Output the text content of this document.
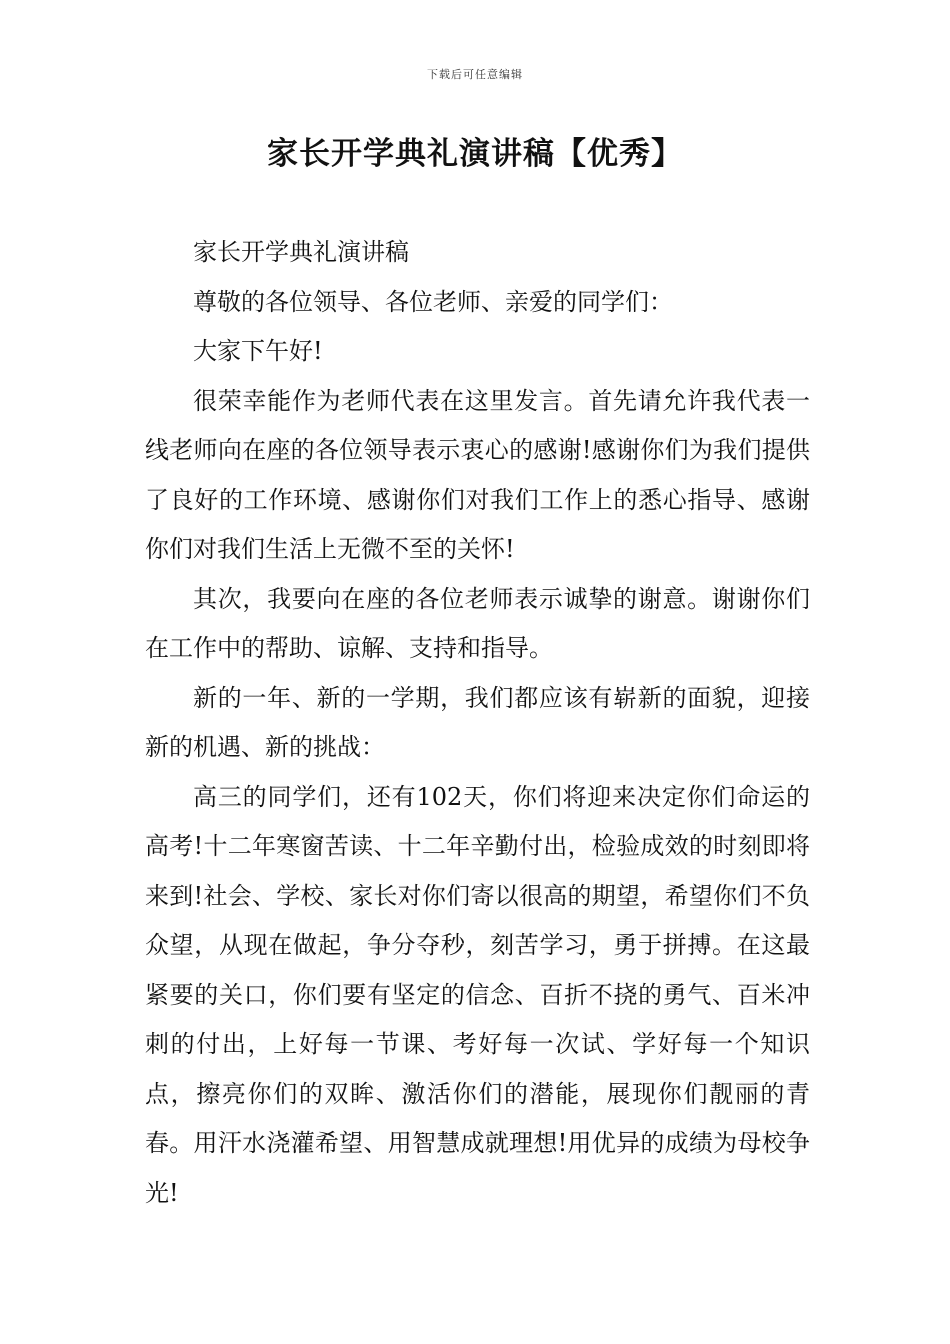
下载后可任意编辑
家长开学典礼演讲稿【优秀】

家长开学典礼演讲稿

尊敬的各位领导、各位老师、亲爱的同学们：

大家下午好!

很荣幸能作为老师代表在这里发言。首先请允许我代表一线老师向在座的各位领导表示衷心的感谢!感谢你们为我们提供了良好的工作环境、感谢你们对我们工作上的悉心指导、感谢你们对我们生活上无微不至的关怀!

其次，我要向在座的各位老师表示诚挚的谢意。谢谢你们在工作中的帮助、谅解、支持和指导。

新的一年、新的一学期，我们都应该有崭新的面貌，迎接新的机遇、新的挑战：

高三的同学们，还有102天，你们将迎来决定你们命运的高考!十二年寒窗苦读、十二年辛勤付出，检验成效的时刻即将来到!社会、学校、家长对你们寄以很高的期望，希望你们不负众望，从现在做起，争分夺秒，刻苦学习，勇于拼搏。在这最紧要的关口，你们要有坚定的信念、百折不挠的勇气、百米冲刺的付出，上好每一节课、考好每一次试、学好每一个知识点，擦亮你们的双眸、激活你们的潜能，展现你们靓丽的青春。用汗水浇灌希望、用智慧成就理想!用优异的成绩为母校争光!
